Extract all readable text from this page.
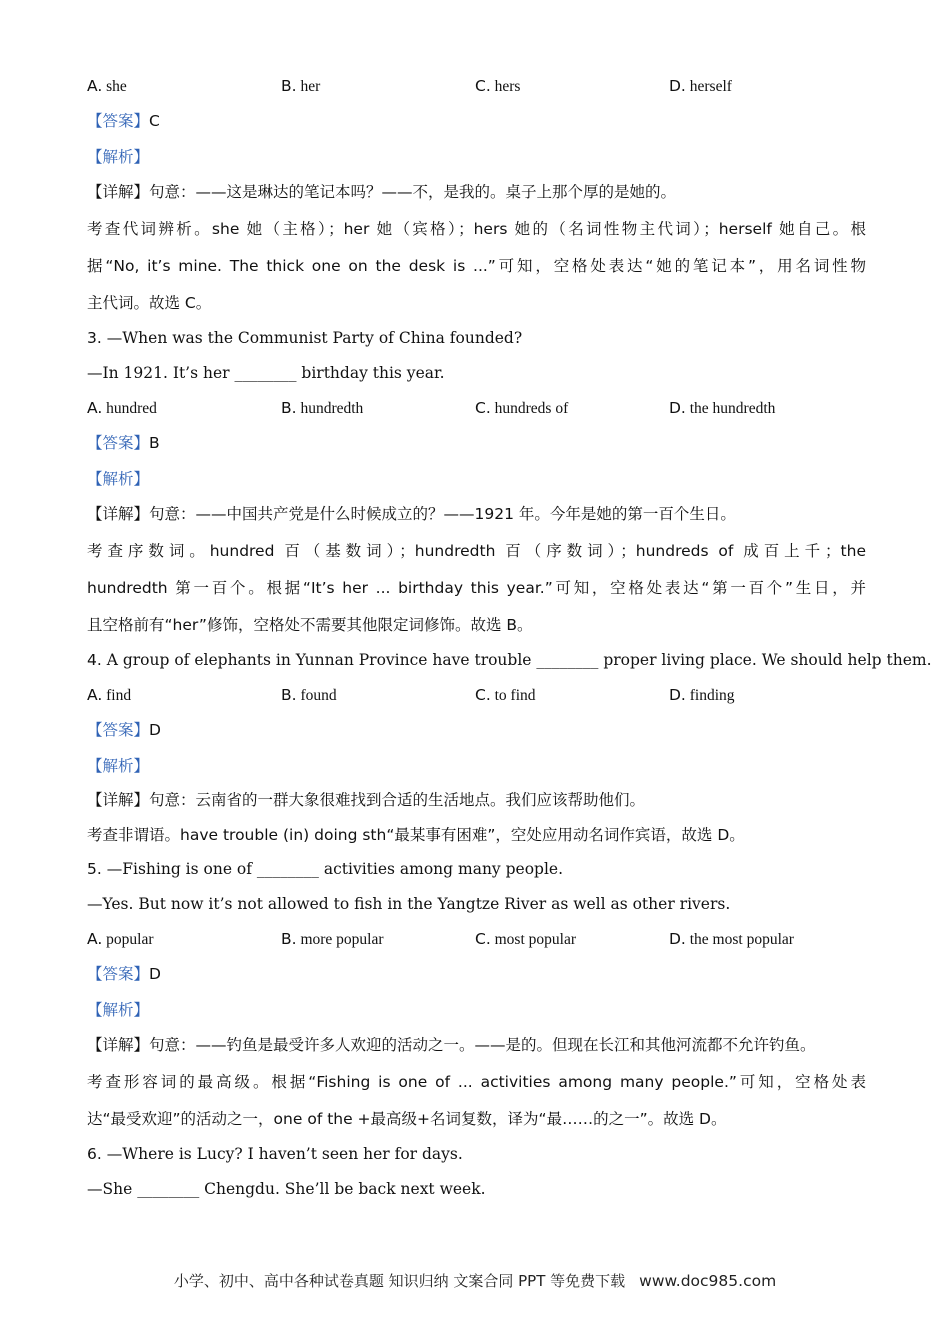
A. she	B. her	C. hers	D. herself
【答案】C
【解析】
【详解】句意：——这是琳达的笔记本吗？——不，是我的。桌子上那个厚的是她的。
考查代词辨析。she 她（主格）；her 她（宾格）；hers 她的（名词性物主代词）；herself 她自己。根
据“No, it’s mine. The thick one on the desk is ...”可知，空格处表达“她的笔记本”，用名词性物
主代词。故选 C。
3. —When was the Communist Party of China founded?
—In 1921. It’s her ________ birthday this year.
A. hundred	B. hundredth	C. hundreds of	D. the hundredth
【答案】B
【解析】
【详解】句意：——中国共产党是什么时候成立的？——1921 年。今年是她的第一百个生日。
考查序数词。hundred 百（基数词）；hundredth 百（序数词）；hundreds of 成百上千；the
hundredth 第一百个。根据“It’s her ... birthday this year.”可知，空格处表达“第一百个”生日，并
且空格前有“her”修饰，空格处不需要其他限定词修饰。故选 B。
4. A group of elephants in Yunnan Province have trouble ________ proper living place. We should help them.
A. find	B. found	C. to find	D. finding
【答案】D
【解析】
【详解】句意：云南省的一群大象很难找到合适的生活地点。我们应该帮助他们。
考查非谓语。have trouble (in) doing sth“最某事有困难”，空处应用动名词作宾语，故选 D。
5. —Fishing is one of ________ activities among many people.
—Yes. But now it’s not allowed to fish in the Yangtze River as well as other rivers.
A. popular	B. more popular	C. most popular	D. the most popular
【答案】D
【解析】
【详解】句意：——钓鱼是最受许多人欢迎的活动之一。——是的。但现在长江和其他河流都不允许钓鱼。
考查形容词的最高级。根据“Fishing is one of ... activities among many people.”可知，空格处表
达“最受欢迎”的活动之一，one of the +最高级+名词复数，译为“最……的之一”。故选 D。
6. —Where is Lucy? I haven’t seen her for days.
—She ________ Chengdu. She’ll be back next week.
小学、初中、高中各种试卷真题 知识归纳 文案合同 PPT 等免费下载 www.doc985.com
